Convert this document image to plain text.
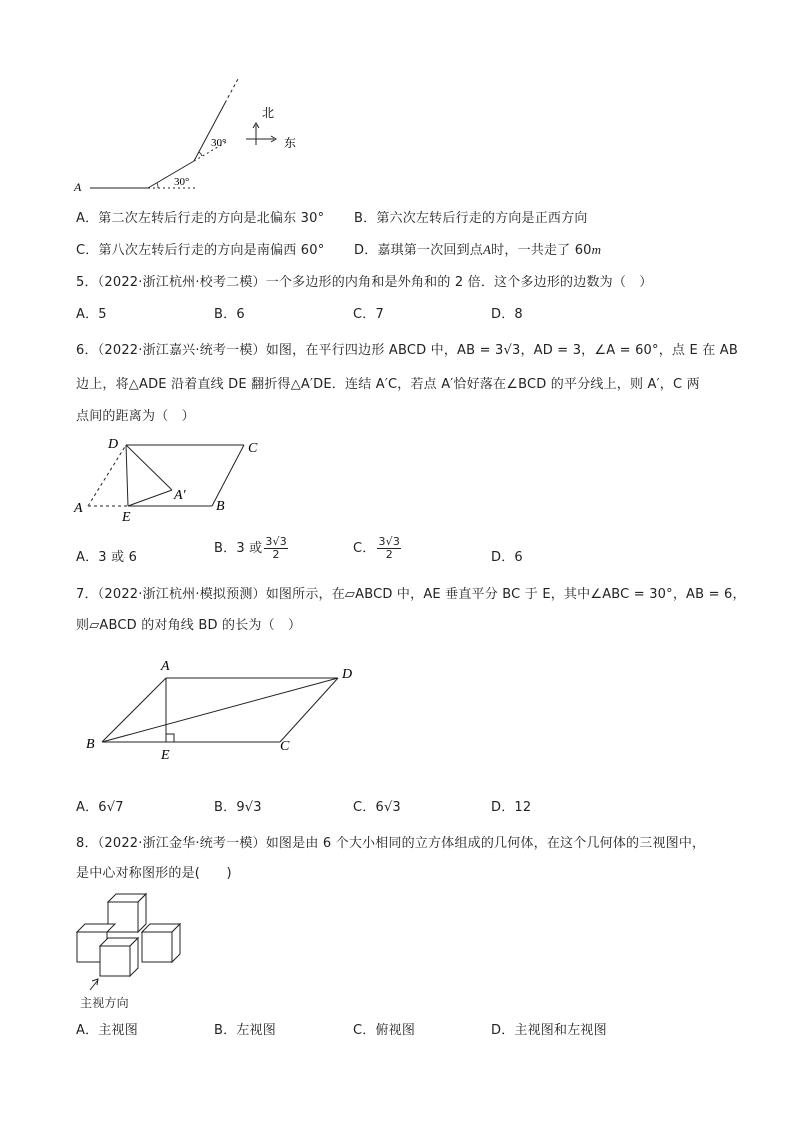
A	30°
30°
北
东
A．第二次左转后行走的方向是北偏东 30° B．第六次左转后行走的方向是正西方向
C．第八次左转后行走的方向是南偏西 60° D．嘉琪第一次回到点A时，一共走了 60m
5．（2022·浙江杭州·校考二模）一个多边形的内角和是外角和的 2 倍．这个多边形的边数为（　）
A．5	B．6	C．7	D．8
6．（2022·浙江嘉兴·统考一模）如图，在平行四边形 ABCD 中，AB = 3√3，AD = 3，∠A = 60°，点 E 在 AB
边上，将△ADE 沿着直线 DE 翻折得△A′DE．连结 A′C，若点 A′恰好落在∠BCD 的平分线上，则 A′，C 两
点间的距离为（　）
D	C
A
E
B
A′
A．3 或 6
B．3 或 $\frac{3√3}{2}$	C． $\frac{3√3}{2}$	D．6
7．（2022·浙江杭州·模拟预测）如图所示，在▱ABCD 中，AE 垂直平分 BC 于 E，其中∠ABC = 30°，AB = 6，
则▱ABCD 的对角线 BD 的长为（　）
A
D
B
E
C
A．6√7	B．9√3	C．6√3	D．12
8．（2022·浙江金华·统考一模）如图是由 6 个大小相同的立方体组成的几何体，在这个几何体的三视图中，
是中心对称图形的是(　　)
主视方向
A．主视图	B．左视图	C．俯视图	D．主视图和左视图
